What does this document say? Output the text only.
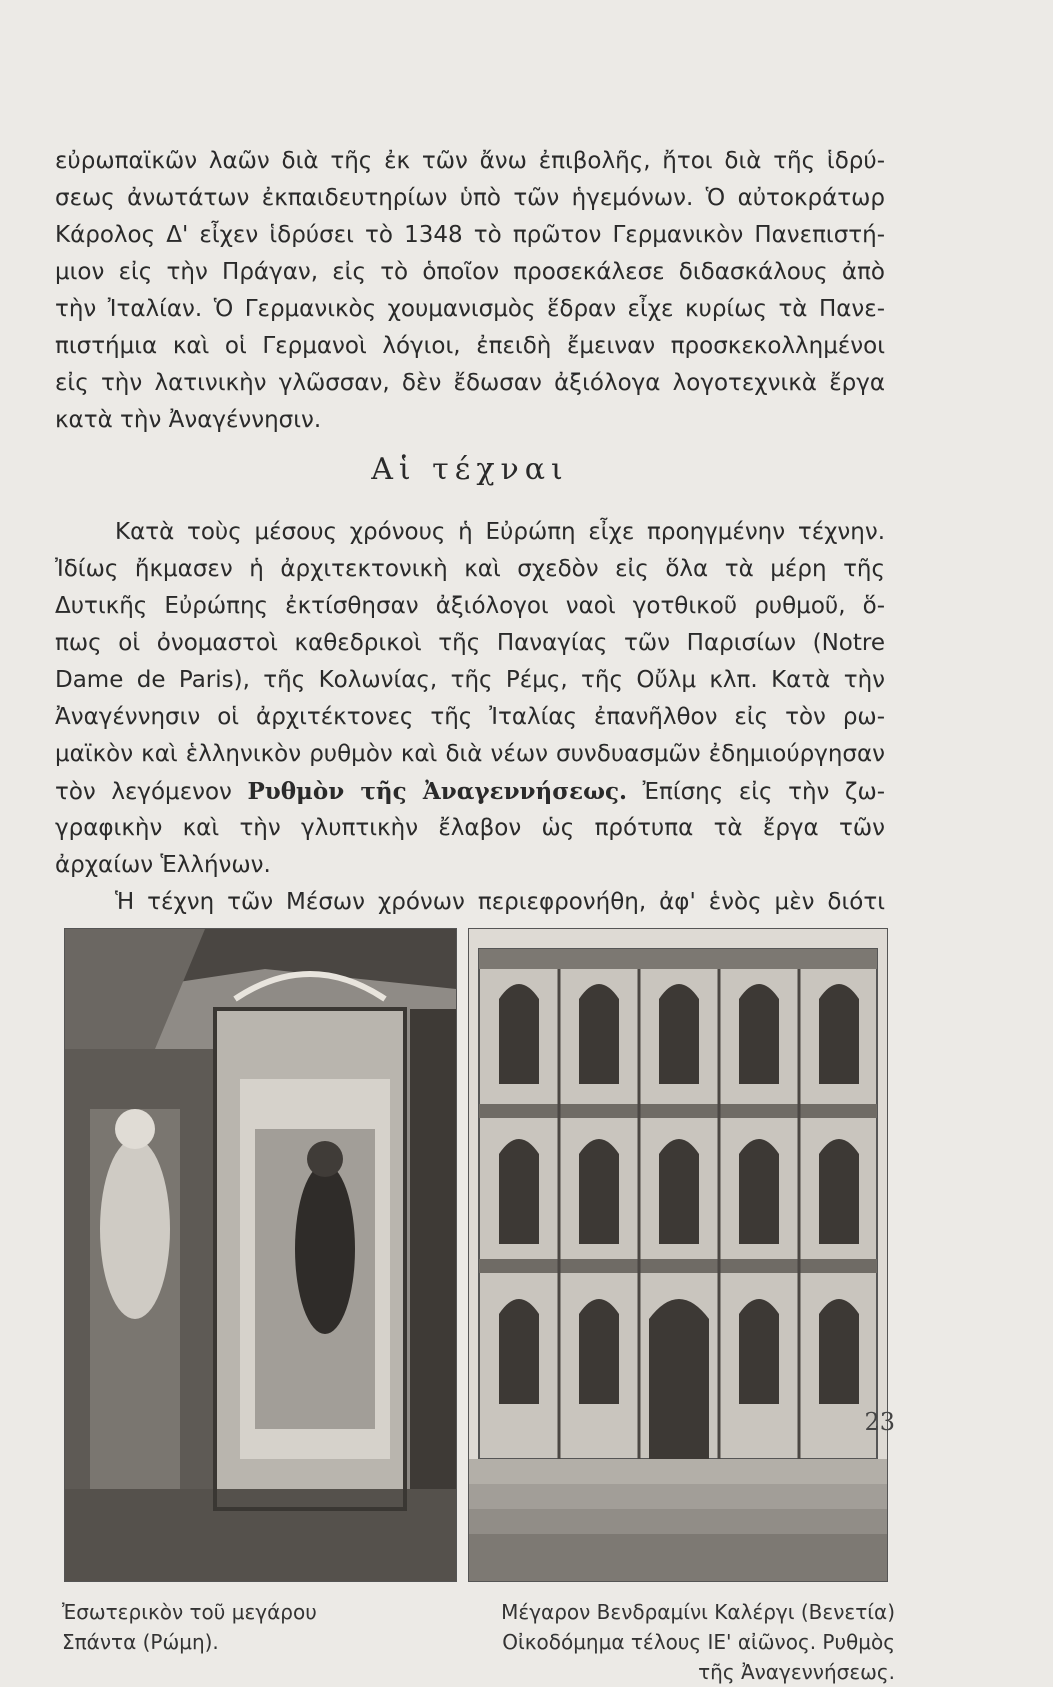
εὐρωπαϊκῶν λαῶν διὰ τῆς ἐκ τῶν ἄνω ἐπιβολῆς, ἤτοι διὰ τῆς ἱδρύ-
σεως ἀνωτάτων ἐκπαιδευτηρίων ὑπὸ τῶν ἡγεμόνων. Ὁ αὐτοκράτωρ
Κάρολος Δ' εἶχεν ἱδρύσει τὸ 1348 τὸ πρῶτον Γερμανικὸν Πανεπιστή-
μιον εἰς τὴν Πράγαν, εἰς τὸ ὁποῖον προσεκάλεσε διδασκάλους ἀπὸ
τὴν Ἰταλίαν. Ὁ Γερμανικὸς χουμανισμὸς ἕδραν εἶχε κυρίως τὰ Πανε-
πιστήμια καὶ οἱ Γερμανοὶ λόγιοι, ἐπειδὴ ἔμειναν προσκεκολλημένοι
εἰς τὴν λατινικὴν γλῶσσαν, δὲν ἔδωσαν ἀξιόλογα λογοτεχνικὰ ἔργα
κατὰ τὴν Ἀναγέννησιν.
Αἱ τέχναι
Κατὰ τοὺς μέσους χρόνους ἡ Εὐρώπη εἶχε προηγμένην τέχνην.
Ἰδίως ἤκμασεν ἡ ἀρχιτεκτονικὴ καὶ σχεδὸν εἰς ὅλα τὰ μέρη τῆς
Δυτικῆς Εὐρώπης ἐκτίσθησαν ἀξιόλογοι ναοὶ γοτθικοῦ ρυθμοῦ, ὅ-
πως οἱ ὀνομαστοὶ καθεδρικοὶ τῆς Παναγίας τῶν Παρισίων (Notre
Dame de Paris), τῆς Κολωνίας, τῆς Ρέμς, τῆς Οὔλμ κλπ. Κατὰ τὴν
Ἀναγέννησιν οἱ ἀρχιτέκτονες τῆς Ἰταλίας ἐπανῆλθον εἰς τὸν ρω-
μαϊκὸν καὶ ἑλληνικὸν ρυθμὸν καὶ διὰ νέων συνδυασμῶν ἐδημιούργησαν
τὸν λεγόμενον Ρυθμὸν τῆς Ἀναγεννήσεως. Ἐπίσης εἰς τὴν ζω-
γραφικὴν καὶ τὴν γλυπτικὴν ἔλαβον ὡς πρότυπα τὰ ἔργα τῶν
ἀρχαίων Ἑλλήνων.
Ἡ τέχνη τῶν Μέσων χρόνων περιεφρονήθη, ἀφ' ἑνὸς μὲν διότι
Ἐσωτερικὸν τοῦ μεγάρου
Σπάντα (Ρώμη).
Μέγαρον Βενδραμίνι Καλέργι (Βενετία)
Οἰκοδόμημα τέλους ΙΕ' αἰῶνος. Ρυθμὸς
τῆς Ἀναγεννήσεως.
23
